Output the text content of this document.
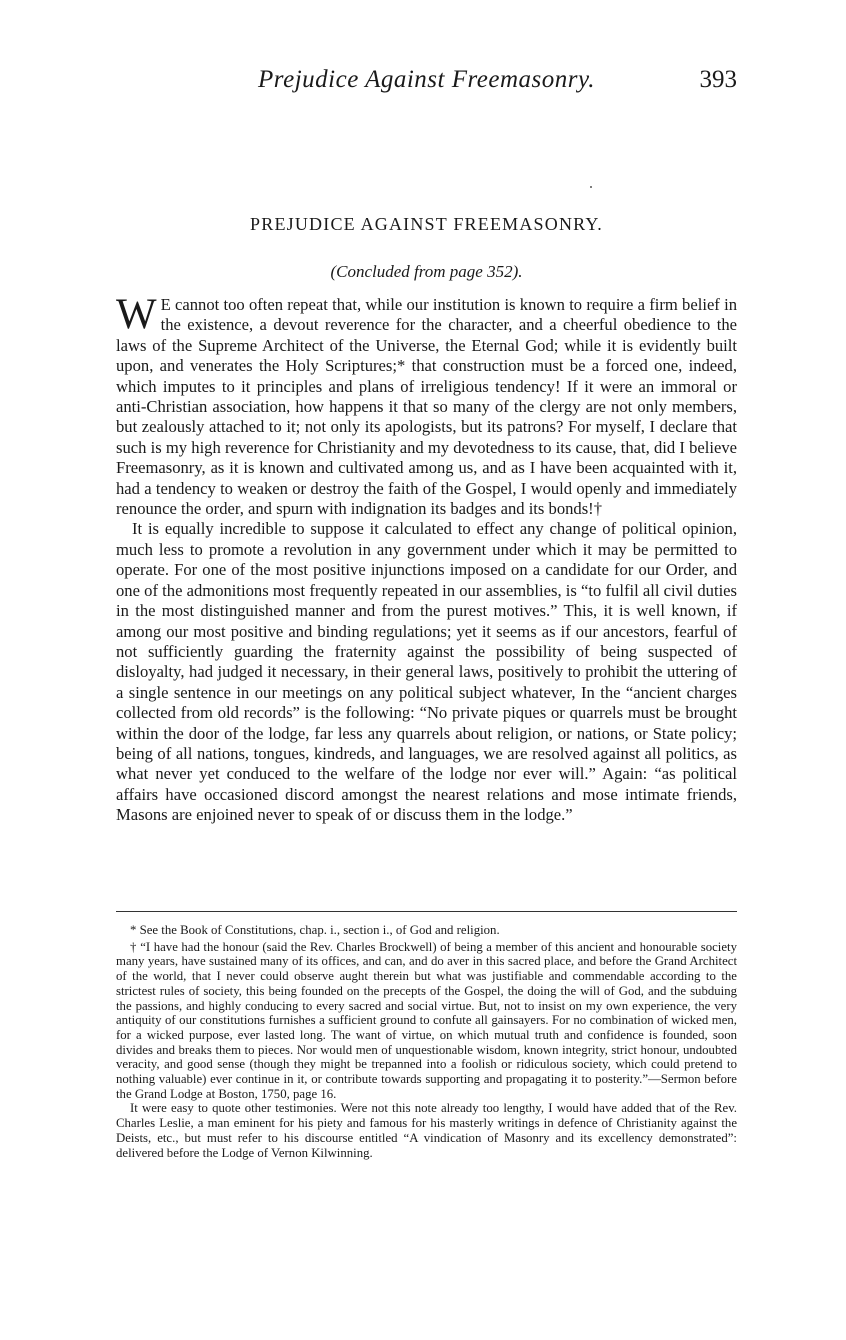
Prejudice Against Freemasonry.	393
PREJUDICE AGAINST FREEMASONRY.
(Concluded from page 352).

W E cannot too often repeat that, while our institution is known to require a firm belief in the existence, a devout reverence for the character, and a cheerful obedience to the laws of the Supreme Architect of the Universe, the Eternal God; while it is evidently built upon, and venerates the Holy Scriptures;* that construction must be a forced one, indeed, which imputes to it principles and plans of irreligious tendency! If it were an immoral or anti-Christian association, how happens it that so many of the clergy are not only members, but zealously attached to it; not only its apologists, but its patrons? For myself, I declare that such is my high reverence for Christianity and my devotedness to its cause, that, did I believe Freemasonry, as it is known and cultivated among us, and as I have been acquainted with it, had a tendency to weaken or destroy the faith of the Gospel, I would openly and immediately renounce the order, and spurn with indignation its badges and its bonds!†

It is equally incredible to suppose it calculated to effect any change of political opinion, much less to promote a revolution in any government under which it may be permitted to operate. For one of the most positive injunctions imposed on a candidate for our Order, and one of the admonitions most frequently repeated in our assemblies, is “to fulfil all civil duties in the most distinguished manner and from the purest motives.” This, it is well known, if among our most positive and binding regulations; yet it seems as if our ancestors, fearful of not sufficiently guarding the fraternity against the possibility of being suspected of disloyalty, had judged it necessary, in their general laws, positively to prohibit the uttering of a single sentence in our meetings on any political subject whatever, In the “ancient charges collected from old records” is the following: “No private piques or quarrels must be brought within the door of the lodge, far less any quarrels about religion, or nations, or State policy; being of all nations, tongues, kindreds, and languages, we are resolved against all politics, as what never yet conduced to the welfare of the lodge nor ever will.” Again: “as political affairs have occasioned discord amongst the nearest relations and mose intimate friends, Masons are enjoined never to speak of or discuss them in the lodge.”

* See the Book of Constitutions, chap. i., section i., of God and religion.

† “I have had the honour (said the Rev. Charles Brockwell) of being a member of this ancient and honourable society many years, have sustained many of its offices, and can, and do aver in this sacred place, and before the Grand Architect of the world, that I never could observe aught therein but what was justifiable and commendable according to the strictest rules of society, this being founded on the precepts of the Gospel, the doing the will of God, and the subduing the passions, and highly conducing to every sacred and social virtue. But, not to insist on my own experience, the very antiquity of our constitutions furnishes a sufficient ground to confute all gainsayers. For no combination of wicked men, for a wicked purpose, ever lasted long. The want of virtue, on which mutual truth and confidence is founded, soon divides and breaks them to pieces. Nor would men of unquestionable wisdom, known integrity, strict honour, undoubted veracity, and good sense (though they might be trepanned into a foolish or ridiculous society, which could pretend to nothing valuable) ever continue in it, or contribute towards supporting and propagating it to posterity.”—Sermon before the Grand Lodge at Boston, 1750, page 16.

It were easy to quote other testimonies. Were not this note already too lengthy, I would have added that of the Rev. Charles Leslie, a man eminent for his piety and famous for his masterly writings in defence of Christianity against the Deists, etc., but must refer to his discourse entitled “A vindication of Masonry and its excellency demonstrated”: delivered before the Lodge of Vernon Kilwinning.
